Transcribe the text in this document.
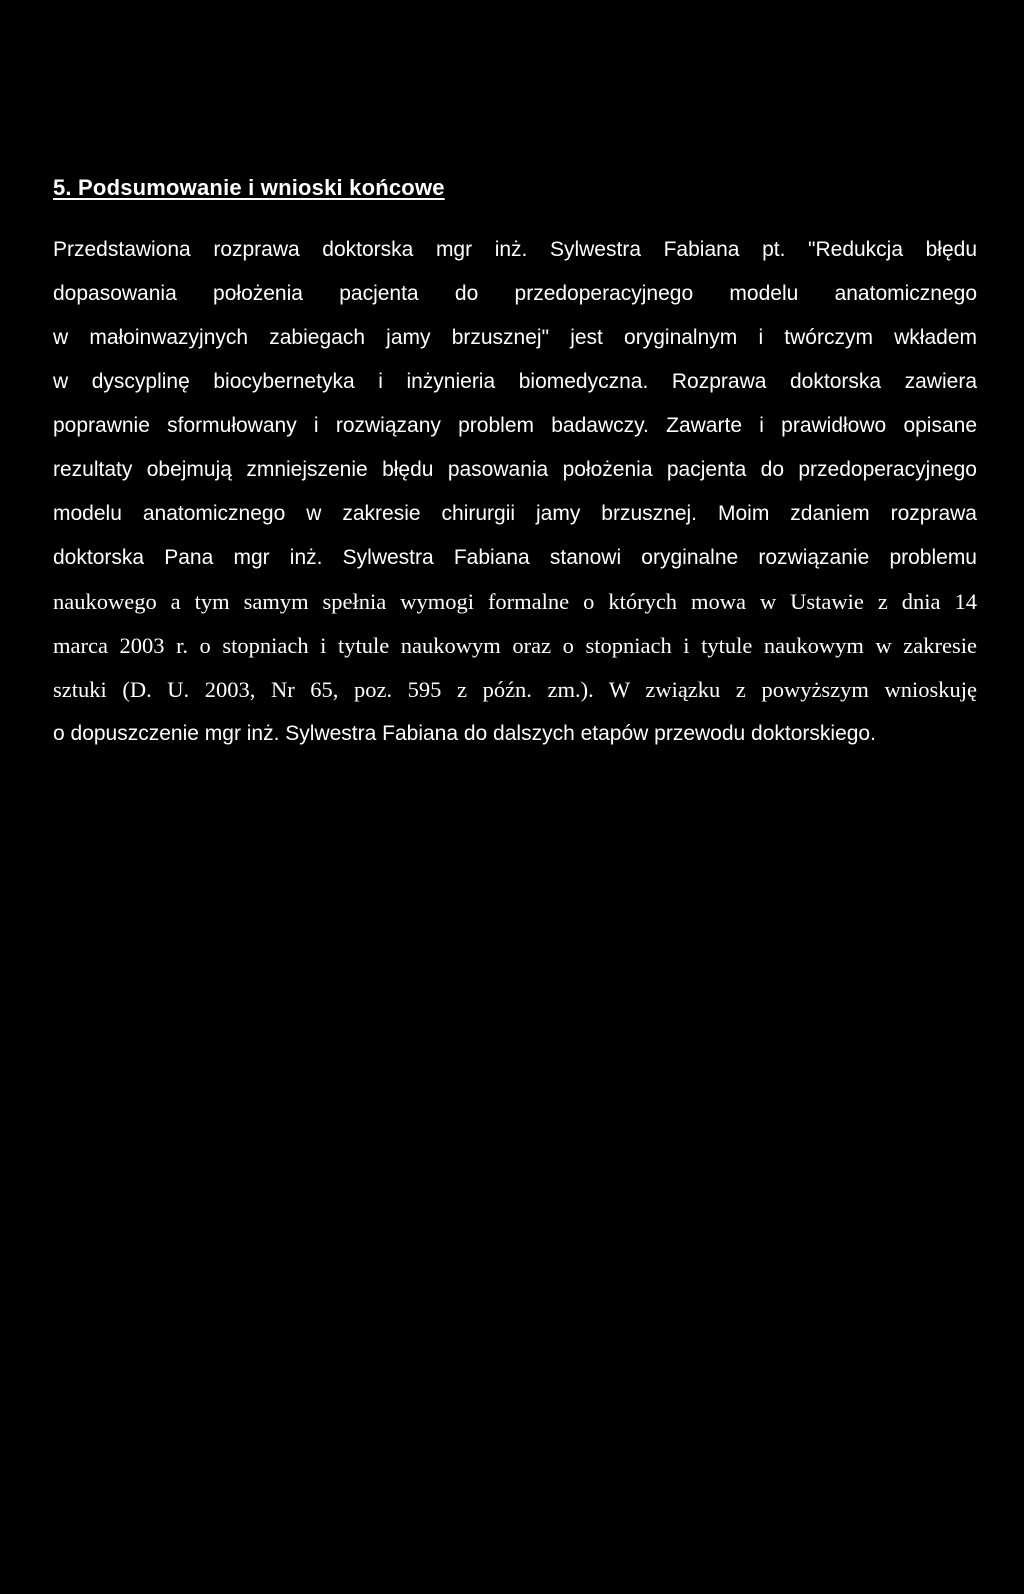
5. Podsumowanie i wnioski końcowe
Przedstawiona rozprawa doktorska mgr inż. Sylwestra Fabiana pt. "Redukcja błędu
dopasowania położenia pacjenta do przedoperacyjnego modelu anatomicznego
w małoinwazyjnych zabiegach jamy brzusznej" jest oryginalnym i twórczym wkładem
w dyscyplinę biocybernetyka i inżynieria biomedyczna. Rozprawa doktorska zawiera
poprawnie sformułowany i rozwiązany problem badawczy. Zawarte i prawidłowo opisane
rezultaty obejmują zmniejszenie błędu pasowania położenia pacjenta do przedoperacyjnego
modelu anatomicznego w zakresie chirurgii jamy brzusznej. Moim zdaniem rozprawa
doktorska Pana mgr inż. Sylwestra Fabiana stanowi oryginalne rozwiązanie problemu
naukowego a tym samym spełnia wymogi formalne o których mowa w Ustawie z dnia 14
marca 2003 r. o stopniach i tytule naukowym oraz o stopniach i tytule naukowym w zakresie
sztuki (D. U. 2003, Nr 65, poz. 595 z późn. zm.). W związku z powyższym wnioskuję
o dopuszczenie mgr inż. Sylwestra Fabiana do dalszych etapów przewodu doktorskiego.
